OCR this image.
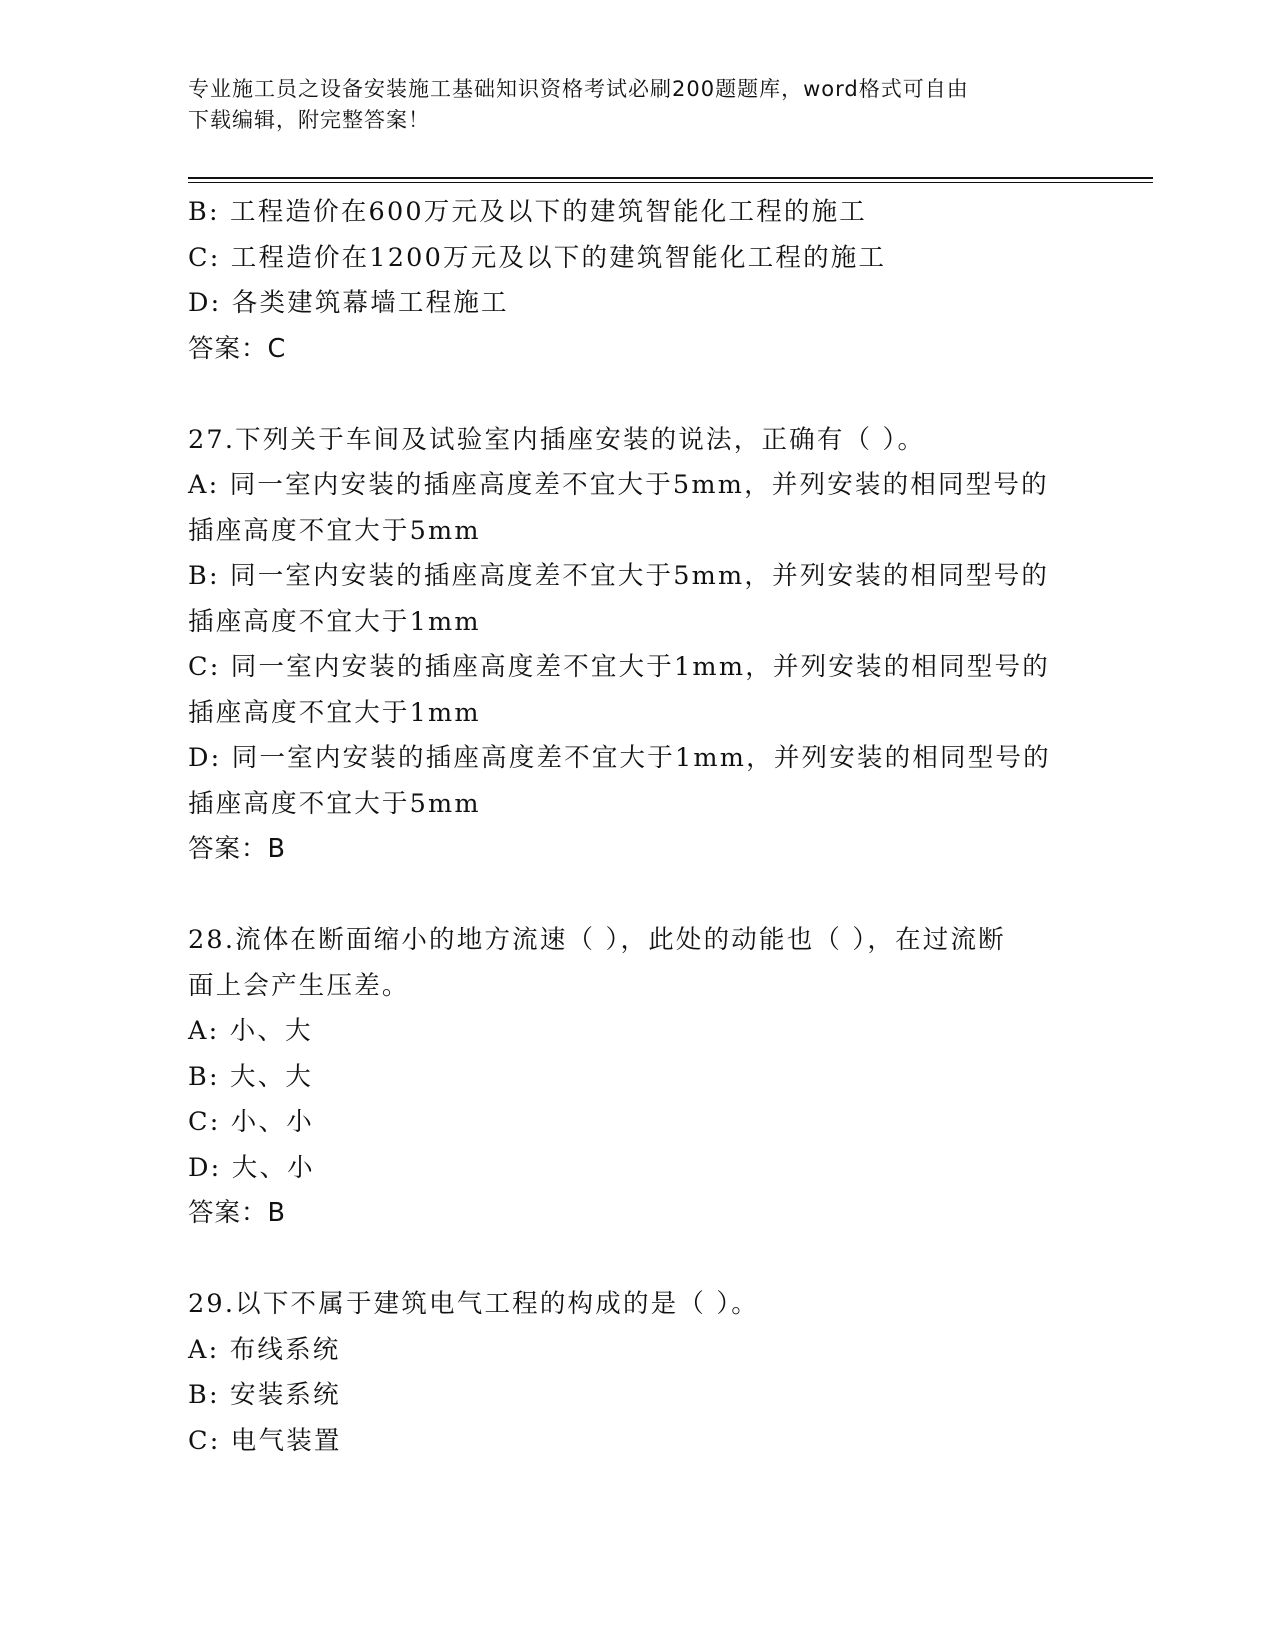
专业施工员之设备安装施工基础知识资格考试必刷200题题库，word格式可自由
下载编辑，附完整答案！
B: 工程造价在600万元及以下的建筑智能化工程的施工
C: 工程造价在1200万元及以下的建筑智能化工程的施工
D: 各类建筑幕墙工程施工
答案：C
27.下列关于车间及试验室内插座安装的说法，正确有（ ）。
A: 同一室内安装的插座高度差不宜大于5mm，并列安装的相同型号的
插座高度不宜大于5mm
B: 同一室内安装的插座高度差不宜大于5mm，并列安装的相同型号的
插座高度不宜大于1mm
C: 同一室内安装的插座高度差不宜大于1mm，并列安装的相同型号的
插座高度不宜大于1mm
D: 同一室内安装的插座高度差不宜大于1mm，并列安装的相同型号的
插座高度不宜大于5mm
答案：B
28.流体在断面缩小的地方流速（ ），此处的动能也（ ），在过流断
面上会产生压差。
A: 小、大
B: 大、大
C: 小、小
D: 大、小
答案：B
29.以下不属于建筑电气工程的构成的是（ ）。
A: 布线系统
B: 安装系统
C: 电气装置
